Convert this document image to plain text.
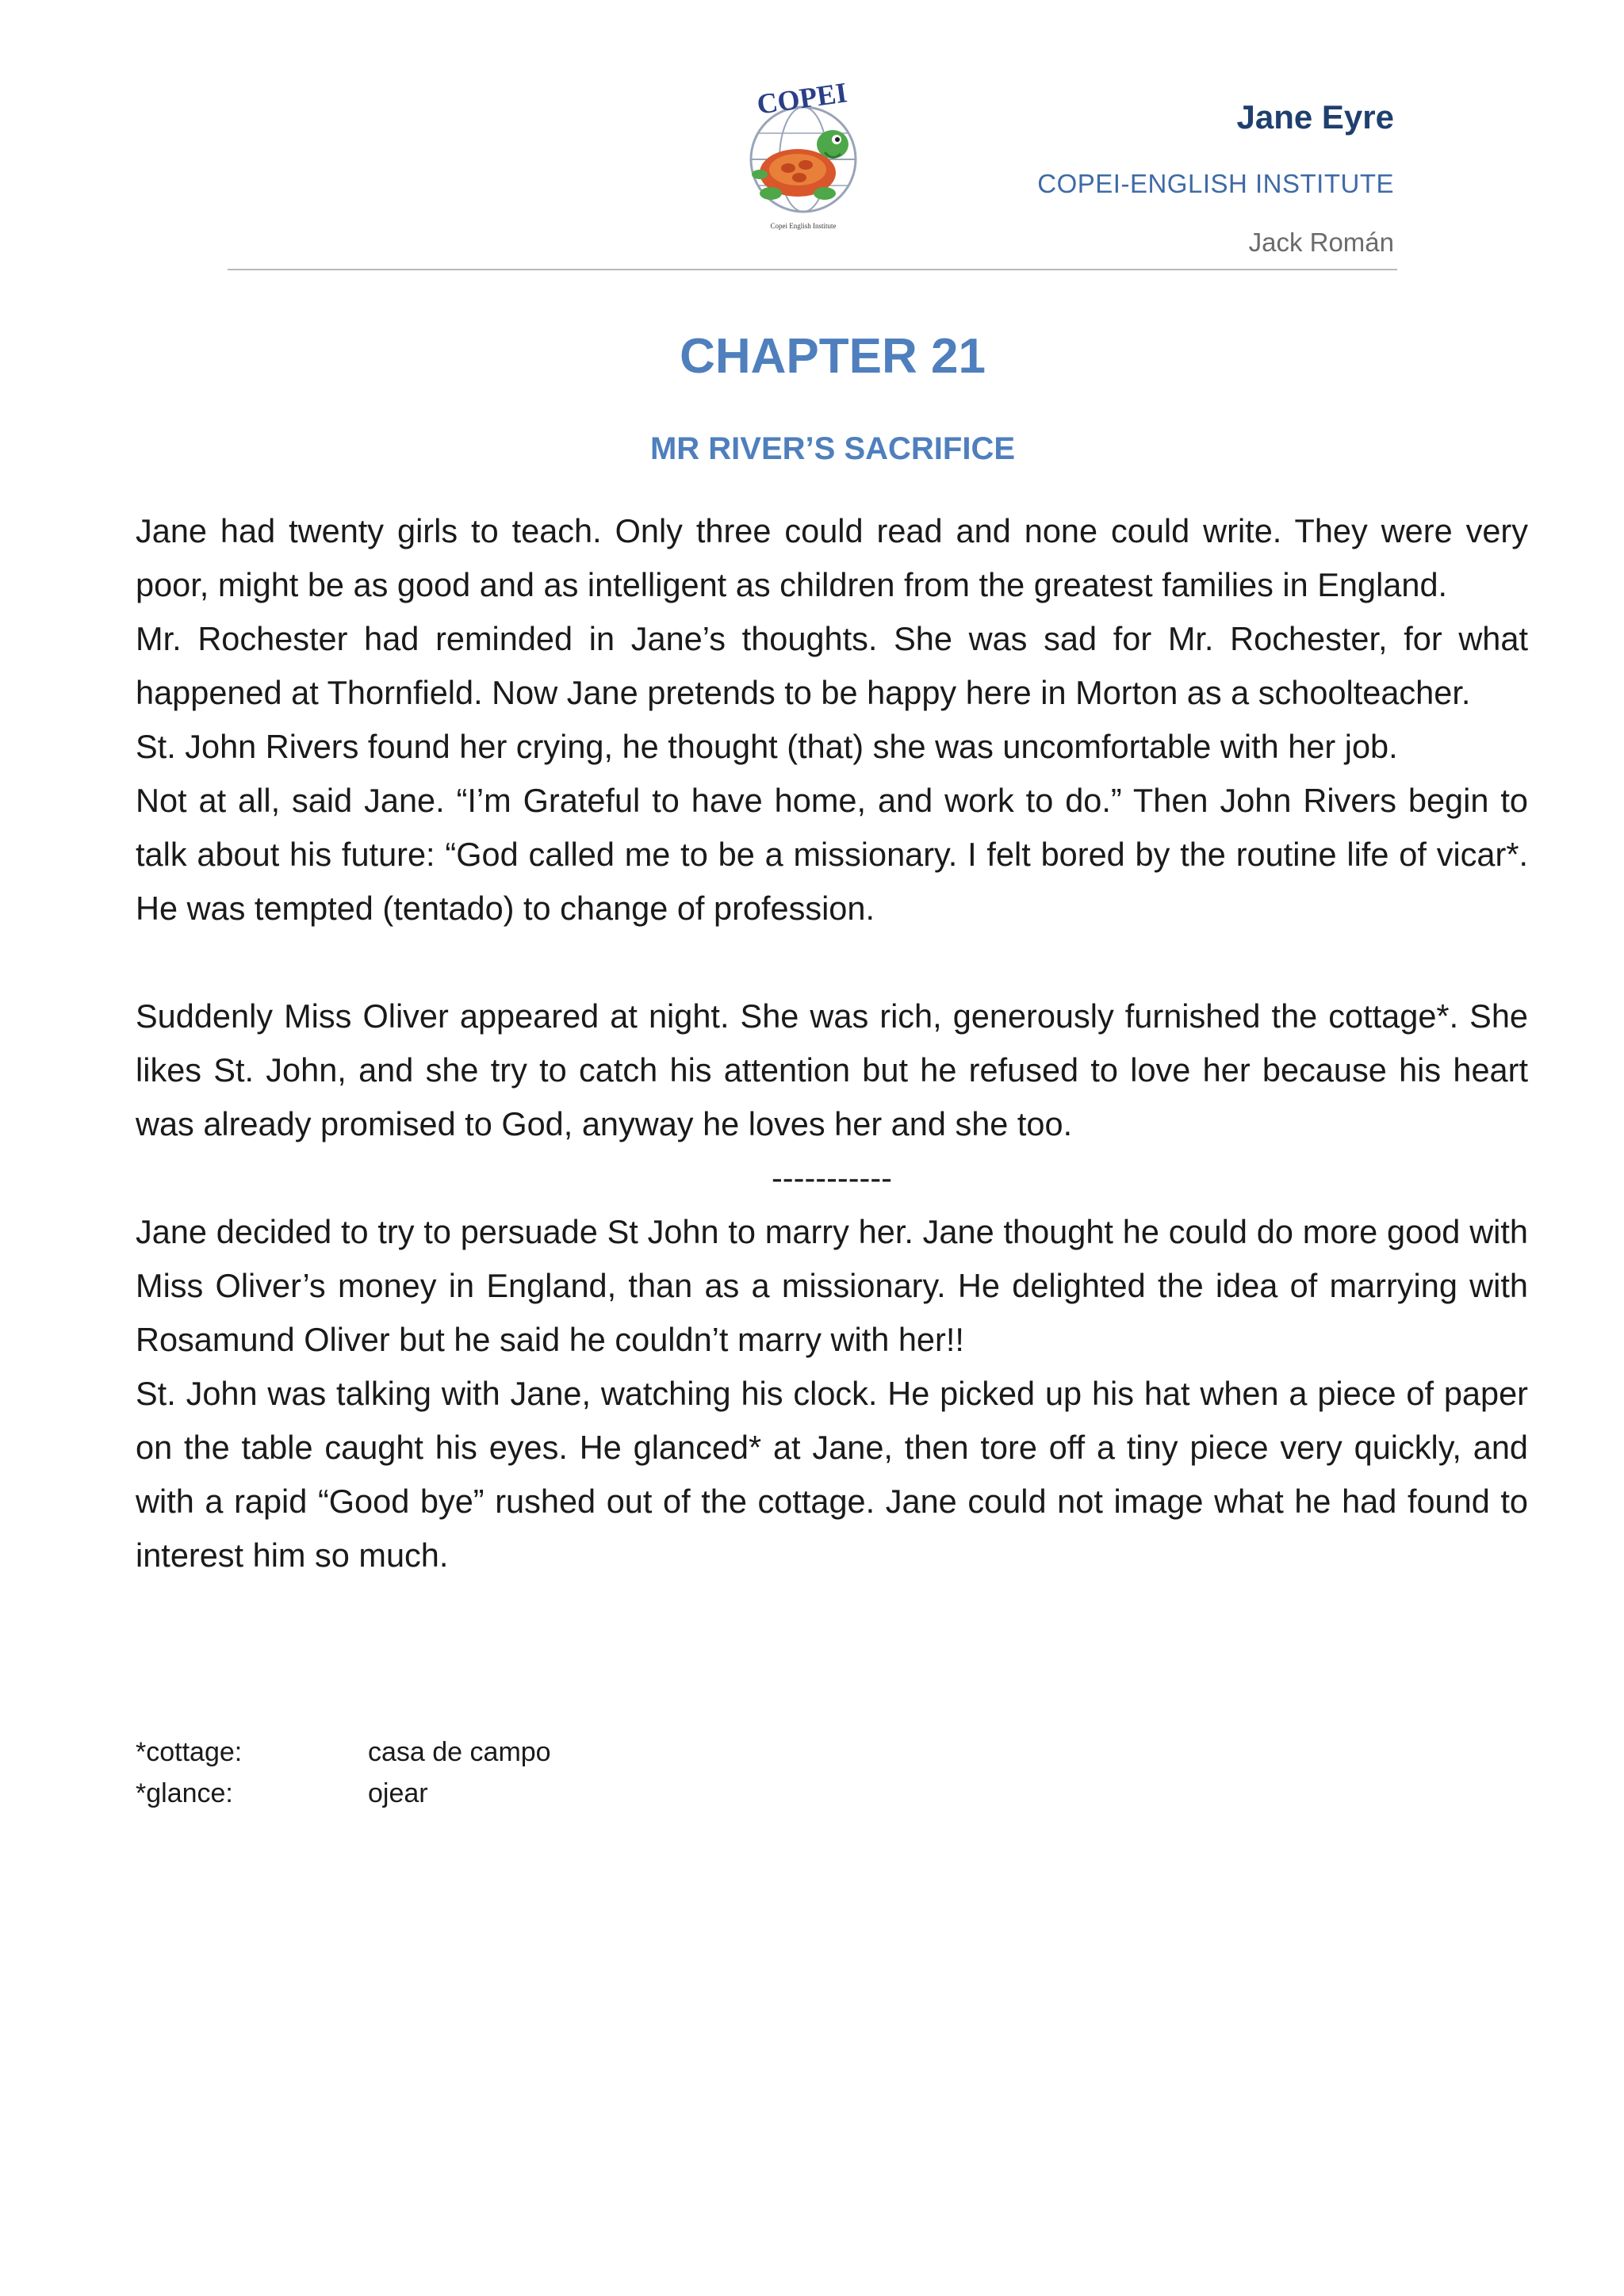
COPEI
Copei English Institute
Jane Eyre
COPEI-ENGLISH INSTITUTE
Jack Román
CHAPTER 21
MR RIVER’S SACRIFICE

Jane had twenty girls to teach. Only three could read and none could write. They were very poor, might be as good and as intelligent as children from the greatest families in England.

Mr. Rochester had reminded in Jane’s thoughts. She was sad for Mr. Rochester, for what happened at Thornfield. Now Jane pretends to be happy here in Morton as a schoolteacher.

St. John Rivers found her crying, he thought (that) she was uncomfortable with her job.

Not at all, said Jane. “I’m Grateful to have home, and work to do.” Then John Rivers begin to talk about his future: “God called me to be a missionary. I felt bored by the routine life of vicar*. He was tempted (tentado) to change of profession.

Suddenly Miss Oliver appeared at night. She was rich, generously furnished the cottage*. She likes St. John, and she try to catch his attention but he refused to love her because his heart was already promised to God, anyway he loves her and she too.

-----------

Jane decided to try to persuade St John to marry her. Jane thought he could do more good with Miss Oliver’s money in England, than as a missionary. He delighted the idea of marrying with Rosamund Oliver but he said he couldn’t marry with her!!

St. John was talking with Jane, watching his clock. He picked up his hat when a piece of paper on the table caught his eyes. He glanced* at Jane, then tore off a tiny piece very quickly, and with a rapid “Good bye” rushed out of the cottage. Jane could not image what he had found to interest him so much.

*cottage:	casa de campo
*glance:	ojear
